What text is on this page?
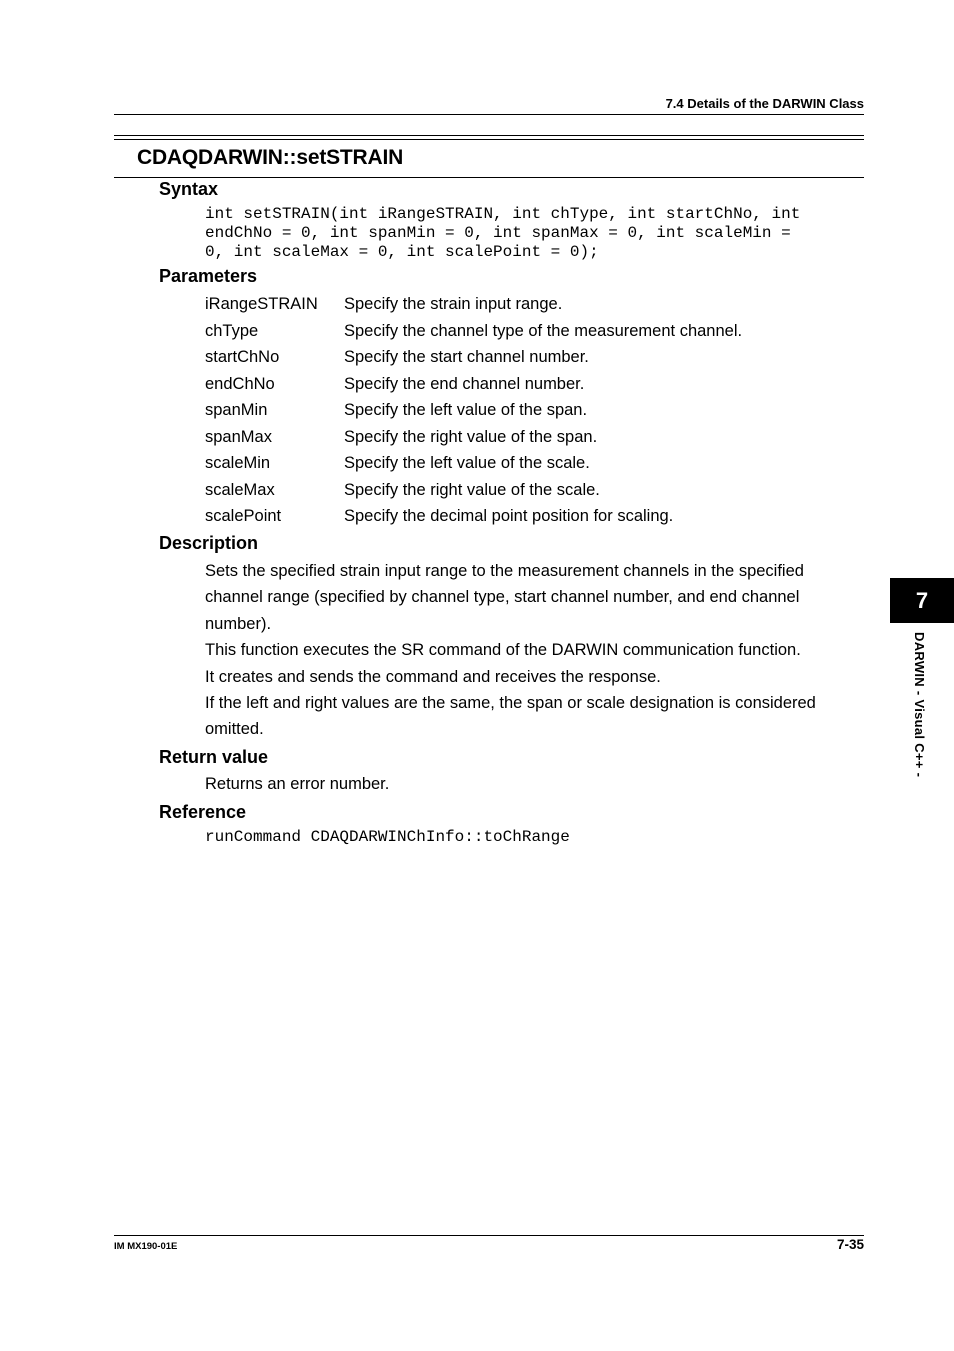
7.4 Details of the DARWIN Class
CDAQDARWIN::setSTRAIN
Syntax
int setSTRAIN(int iRangeSTRAIN, int chType, int startChNo, int
endChNo = 0, int spanMin = 0, int spanMax = 0, int scaleMin =
0, int scaleMax = 0, int scalePoint = 0);
Parameters
iRangeSTRAIN	Specify the strain input range.
chType	Specify the channel type of the measurement channel.
startChNo	Specify the start channel number.
endChNo	Specify the end channel number.
spanMin	Specify the left value of the span.
spanMax	Specify the right value of the span.
scaleMin	Specify the left value of the scale.
scaleMax	Specify the right value of the scale.
scalePoint	Specify the decimal point position for scaling.
Description

Sets the specified strain input range to the measurement channels in the specified channel range (specified by channel type, start channel number, and end channel number).

This function executes the SR command of the DARWIN communication function.

It creates and sends the command and receives the response.

If the left and right values are the same, the span or scale designation is considered omitted.

Return value
Returns an error number.
Reference
runCommand CDAQDARWINChInfo::toChRange
7
DARWIN - Visual C++ -
IM MX190-01E	7-35
